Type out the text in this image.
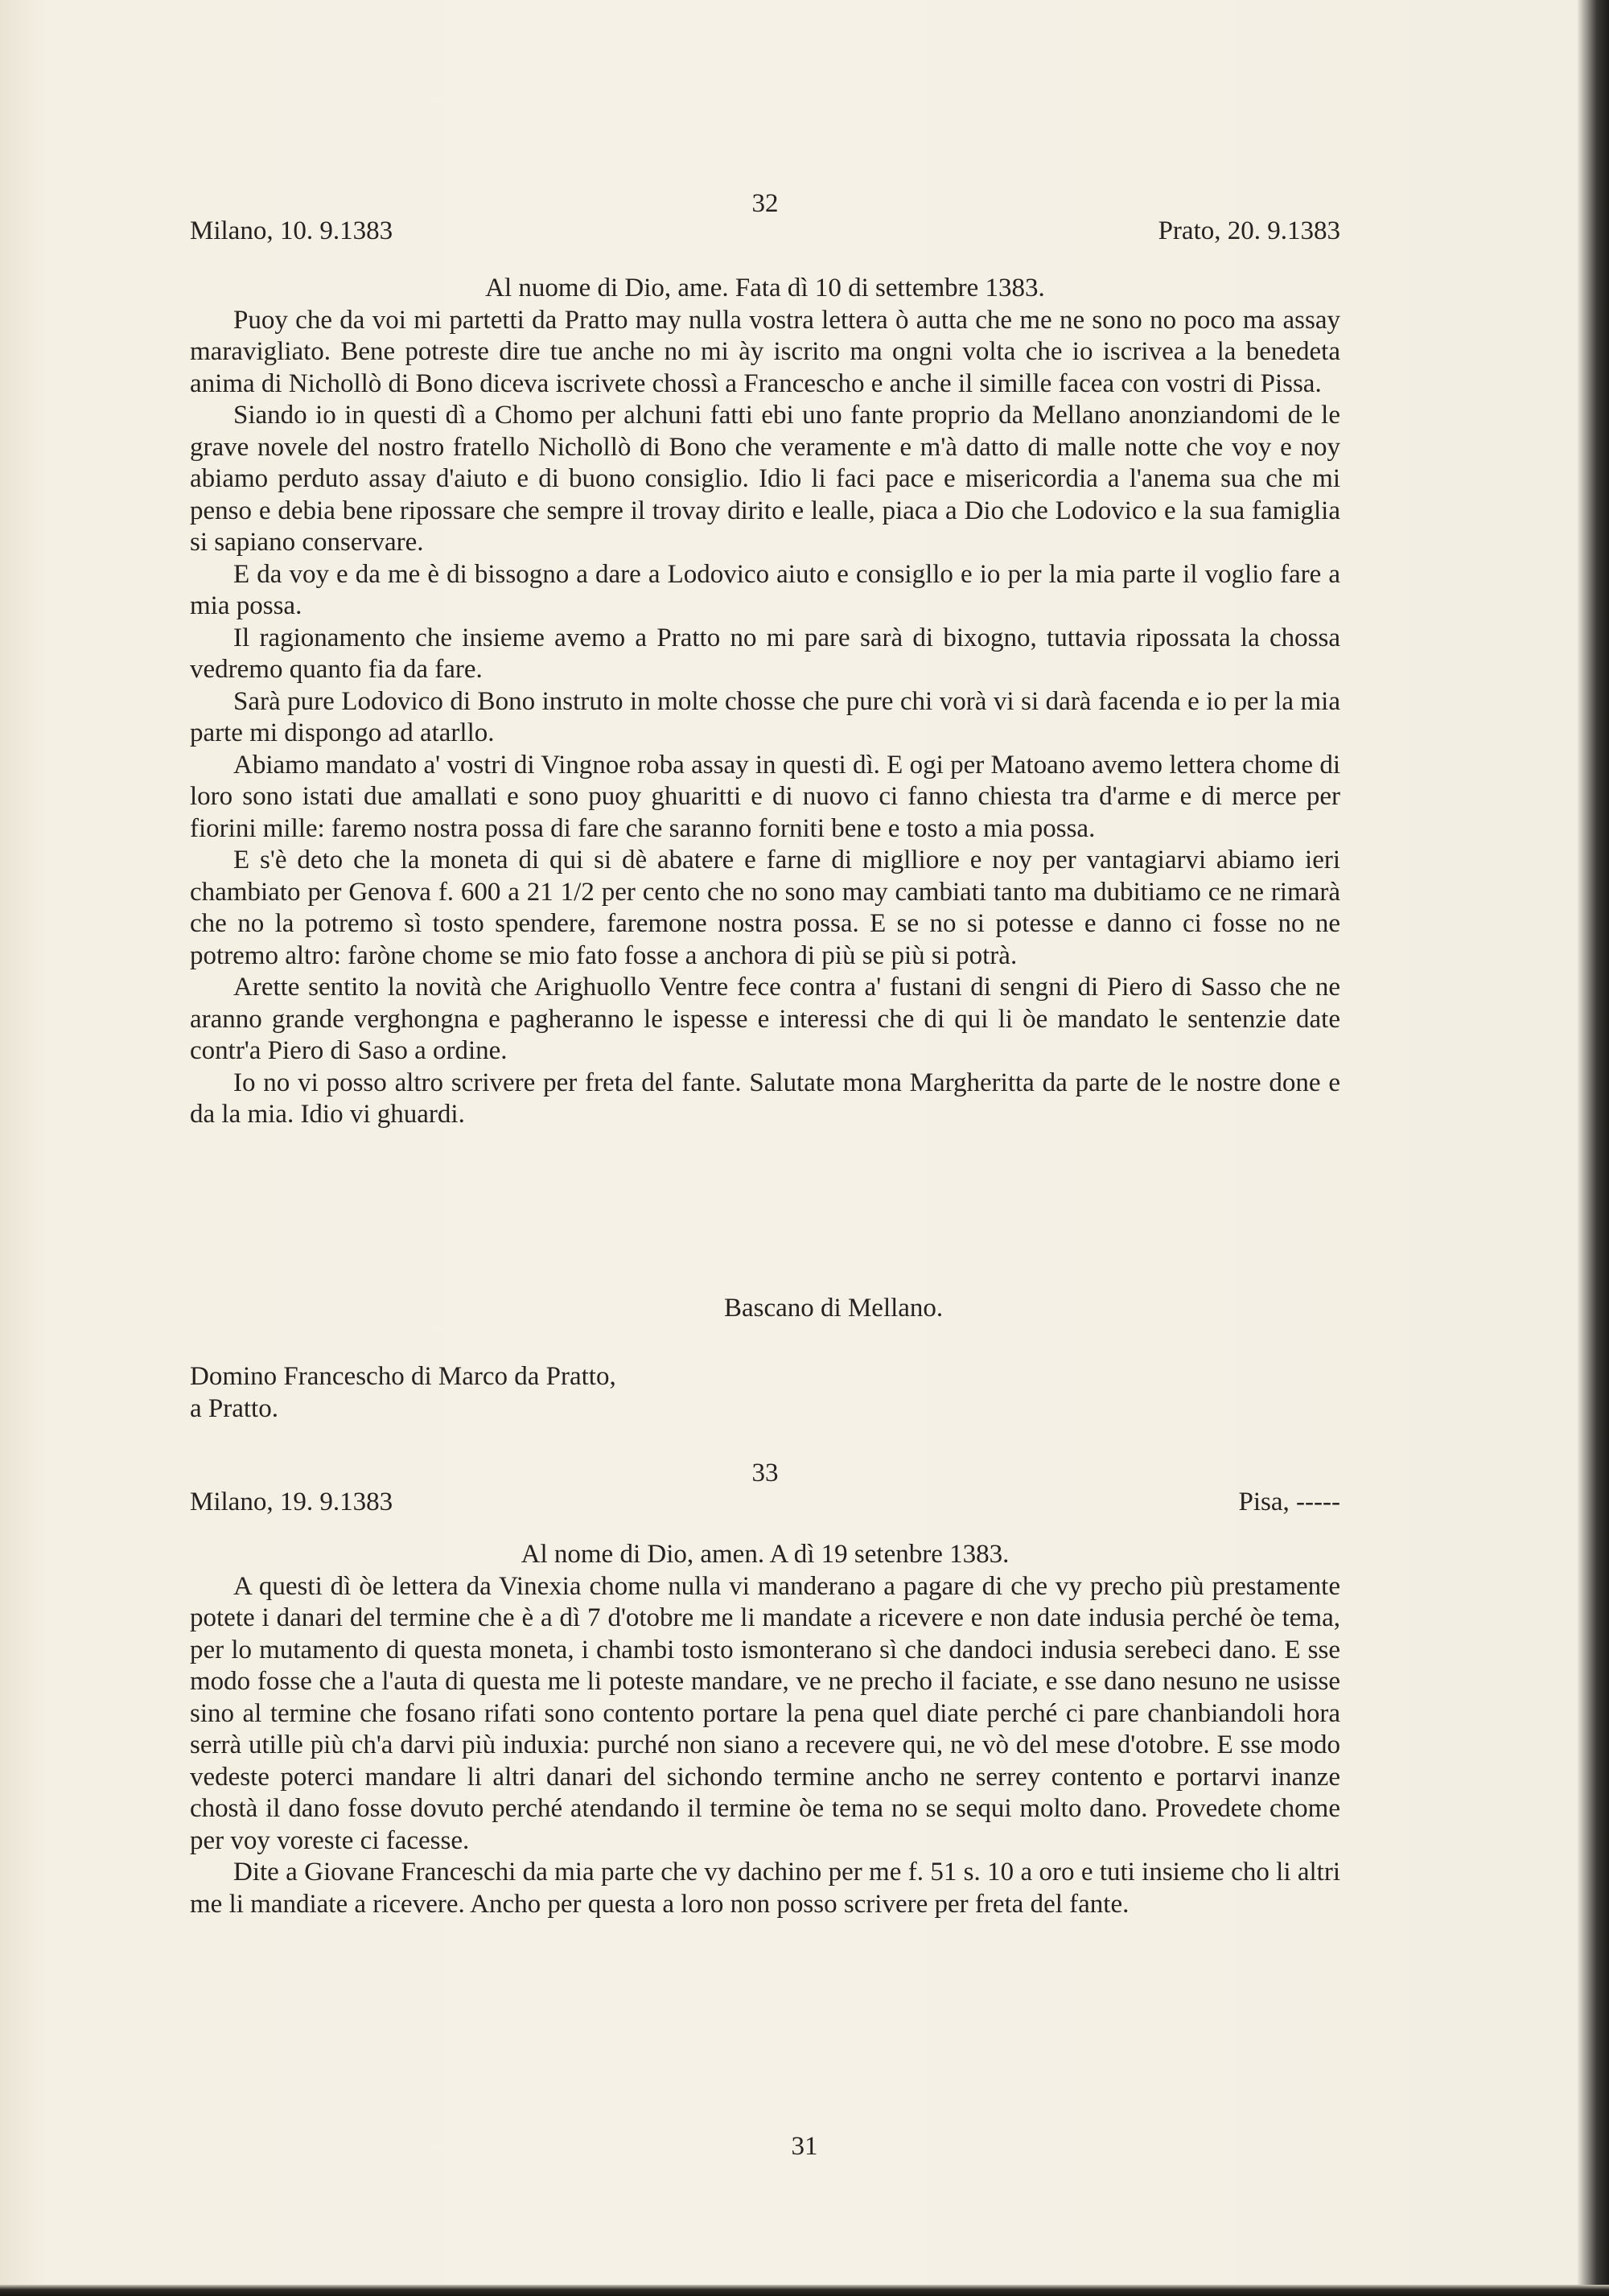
32
Milano, 10. 9.1383	Prato, 20. 9.1383

Al nuome di Dio, ame. Fata dì 10 di settembre 1383.

Puoy che da voi mi partetti da Pratto may nulla vostra lettera ò autta che me ne sono no poco ma assay maravigliato. Bene potreste dire tue anche no mi ày iscrito ma ongni volta che io iscrivea a la benedeta anima di Nichollò di Bono diceva iscrivete chossì a Francescho e anche il simille facea con vostri di Pissa.

Siando io in questi dì a Chomo per alchuni fatti ebi uno fante proprio da Mellano anonziandomi de le grave novele del nostro fratello Nichollò di Bono che veramente e m'à datto di malle notte che voy e noy abiamo perduto assay d'aiuto e di buono consiglio. Idio li faci pace e misericordia a l'anema sua che mi penso e debia bene ripossare che sempre il trovay dirito e lealle, piaca a Dio che Lodovico e la sua famiglia si sapiano conservare.

E da voy e da me è di bissogno a dare a Lodovico aiuto e consigllo e io per la mia parte il voglio fare a mia possa.

Il ragionamento che insieme avemo a Pratto no mi pare sarà di bixogno, tuttavia ripossata la chossa vedremo quanto fia da fare.

Sarà pure Lodovico di Bono instruto in molte chosse che pure chi vorà vi si darà facenda e io per la mia parte mi dispongo ad atarllo.

Abiamo mandato a' vostri di Vingnoe roba assay in questi dì. E ogi per Matoano avemo lettera chome di loro sono istati due amallati e sono puoy ghuaritti e di nuovo ci fanno chiesta tra d'arme e di merce per fiorini mille: faremo nostra possa di fare che saranno forniti bene e tosto a mia possa.

E s'è deto che la moneta di qui si dè abatere e farne di miglliore e noy per vantagiarvi abiamo ieri chambiato per Genova f. 600 a 21 1/2 per cento che no sono may cambiati tanto ma dubitiamo ce ne rimarà che no la potremo sì tosto spendere, faremone nostra possa. E se no si potesse e danno ci fosse no ne potremo altro: faròne chome se mio fato fosse a anchora di più se più si potrà.

Arette sentito la novità che Arighuollo Ventre fece contra a' fustani di sengni di Piero di Sasso che ne aranno grande verghongna e pagheranno le ispesse e interessi che di qui li òe mandato le sentenzie date contr'a Piero di Saso a ordine.

Io no vi posso altro scrivere per freta del fante. Salutate mona Margheritta da parte de le nostre done e da la mia. Idio vi ghuardi.

Bascano di Mellano.
Domino Francescho di Marco da Pratto,
a Pratto.
33
Milano, 19. 9.1383	Pisa, -----

Al nome di Dio, amen. A dì 19 setenbre 1383.

A questi dì òe lettera da Vinexia chome nulla vi manderano a pagare di che vy precho più prestamente potete i danari del termine che è a dì 7 d'otobre me li mandate a ricevere e non date indusia perché òe tema, per lo mutamento di questa moneta, i chambi tosto ismonterano sì che dandoci indusia serebeci dano. E sse modo fosse che a l'auta di questa me li poteste mandare, ve ne precho il faciate, e sse dano nesuno ne usisse sino al termine che fosano rifati sono contento portare la pena quel diate perché ci pare chanbiandoli hora serrà utille più ch'a darvi più induxia: purché non siano a recevere qui, ne vò del mese d'otobre. E sse modo vedeste poterci mandare li altri danari del sichondo termine ancho ne serrey contento e portarvi inanze chostà il dano fosse dovuto perché atendando il termine òe tema no se sequi molto dano. Provedete chome per voy voreste ci facesse.

Dite a Giovane Franceschi da mia parte che vy dachino per me f. 51 s. 10 a oro e tuti insieme cho li altri me li mandiate a ricevere. Ancho per questa a loro non posso scrivere per freta del fante.

31
